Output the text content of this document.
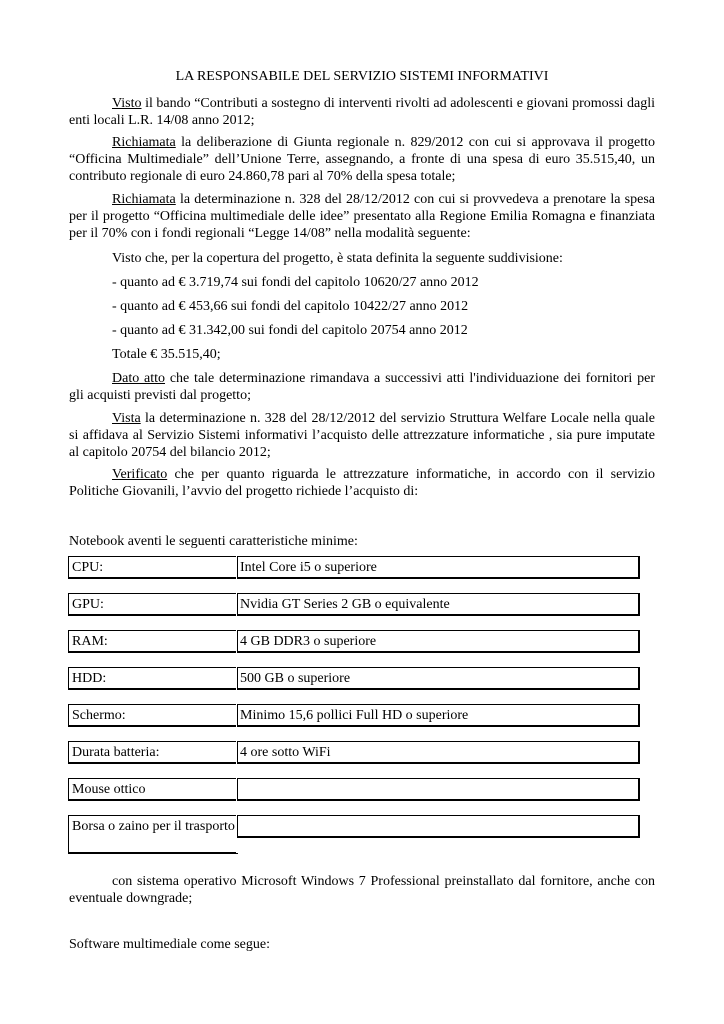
LA RESPONSABILE DEL SERVIZIO SISTEMI INFORMATIVI
Visto il bando “Contributi a sostegno di interventi rivolti ad adolescenti e giovani promossi dagli enti locali L.R. 14/08 anno 2012;
Richiamata la deliberazione di Giunta regionale n. 829/2012 con cui si approvava il progetto “Officina Multimediale” dell’Unione Terre, assegnando, a fronte di una spesa di euro 35.515,40, un contributo regionale di euro 24.860,78 pari al 70% della spesa totale;
Richiamata la determinazione n. 328 del 28/12/2012 con cui si provvedeva a prenotare la spesa per il progetto “Officina multimediale delle idee” presentato alla Regione Emilia Romagna e finanziata per il 70% con i fondi regionali “Legge 14/08” nella modalità seguente:
Visto che, per la copertura del progetto, è stata definita la seguente suddivisione:
- quanto ad € 3.719,74 sui fondi del capitolo 10620/27 anno 2012
- quanto ad € 453,66 sui fondi del capitolo 10422/27 anno 2012
- quanto ad € 31.342,00 sui fondi del capitolo 20754 anno 2012
Totale € 35.515,40;
Dato atto che tale determinazione rimandava a successivi atti l'individuazione dei fornitori per gli acquisti previsti dal progetto;
Vista la determinazione n. 328 del 28/12/2012 del servizio Struttura Welfare Locale nella quale si affidava al Servizio Sistemi informativi l’acquisto delle attrezzature informatiche , sia pure imputate al capitolo 20754 del bilancio 2012;
Verificato che per quanto riguarda le attrezzature informatiche, in accordo con il servizio Politiche Giovanili, l’avvio del progetto richiede l’acquisto di:
Notebook aventi le seguenti caratteristiche minime:
CPU:	Intel Core i5 o superiore
GPU:	Nvidia GT Series 2 GB o equivalente
RAM:	4 GB DDR3 o superiore
HDD:	500 GB o superiore
Schermo:	Minimo 15,6 pollici Full HD o superiore
Durata batteria:	4 ore sotto WiFi
Mouse ottico
Borsa o zaino per il trasporto
con sistema operativo Microsoft Windows 7 Professional preinstallato dal fornitore, anche con eventuale downgrade;
Software multimediale come segue:
